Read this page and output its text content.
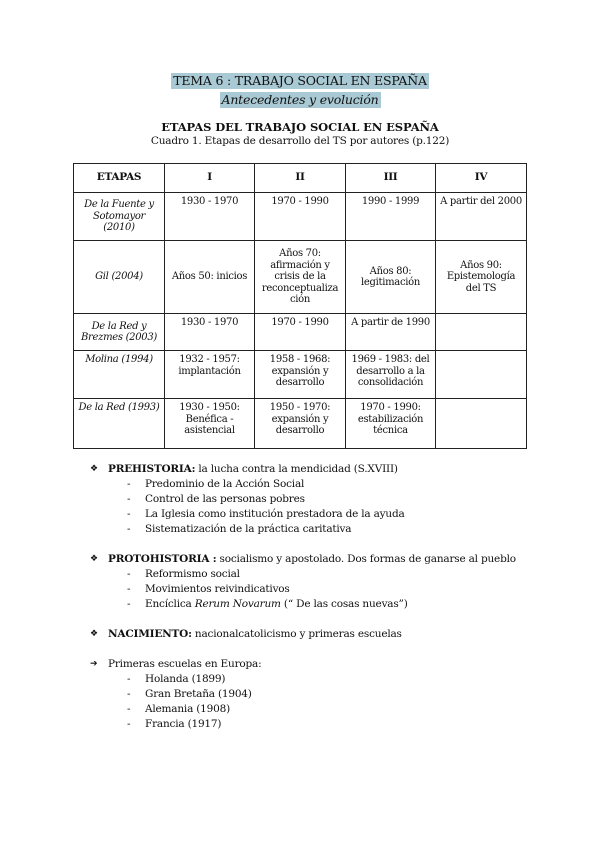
TEMA 6 : TRABAJO SOCIAL EN ESPAÑA
Antecedentes y evolución
ETAPAS DEL TRABAJO SOCIAL EN ESPAÑA
Cuadro 1. Etapas de desarrollo del TS por autores (p.122)
ETAPAS	I	II	III	IV
De la Fuente y Sotomayor (2010)	1930 - 1970	1970 - 1990	1990 - 1999	A partir del 2000
Gil (2004)	Años 50: inicios	Años 70: afirmación y crisis de la reconceptualiza ción	Años 80: legitimación	Años 90: Epistemología del TS
De la Red y Brezmes (2003)	1930 - 1970	1970 - 1990	A partir de 1990	
Molina (1994)	1932 - 1957: implantación	1958 - 1968: expansión y desarrollo	1969 - 1983: del desarrollo a la consolidación	
De la Red (1993)	1930 - 1950: Benéfica - asistencial	1950 - 1970: expansión y desarrollo	1970 - 1990: estabilización técnica	
❖ PREHISTORIA: la lucha contra la mendicidad (S.XVIII)
- Predominio de la Acción Social
- Control de las personas pobres
- La Iglesia como institución prestadora de la ayuda
- Sistematización de la práctica caritativa
❖ PROTOHISTORIA : socialismo y apostolado. Dos formas de ganarse al pueblo
- Reformismo social
- Movimientos reivindicativos
- Encíclica Rerum Novarum (“ De las cosas nuevas”)
❖ NACIMIENTO: nacionalcatolicismo y primeras escuelas
➔ Primeras escuelas en Europa:
- Holanda (1899)
- Gran Bretaña (1904)
- Alemania (1908)
- Francia (1917)
